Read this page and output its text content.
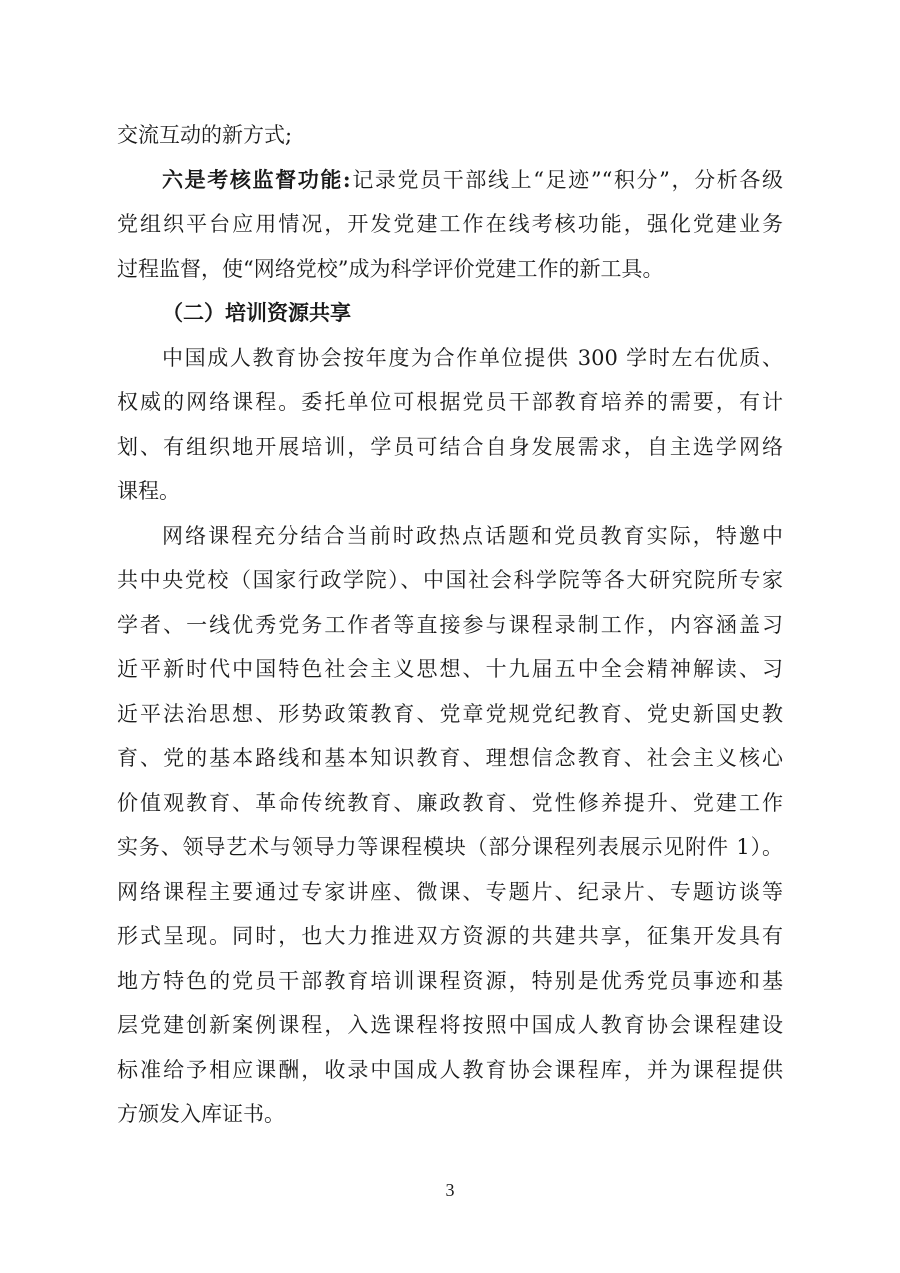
交流互动的新方式;
六是考核监督功能:记录党员干部线上“足迹”“积分”，分析各级
党组织平台应用情况，开发党建工作在线考核功能，强化党建业务
过程监督，使“网络党校”成为科学评价党建工作的新工具。
（二）培训资源共享
中国成人教育协会按年度为合作单位提供 300 学时左右优质、
权威的网络课程。委托单位可根据党员干部教育培养的需要，有计
划、有组织地开展培训，学员可结合自身发展需求，自主选学网络
课程。
网络课程充分结合当前时政热点话题和党员教育实际，特邀中
共中央党校（国家行政学院）、中国社会科学院等各大研究院所专家
学者、一线优秀党务工作者等直接参与课程录制工作，内容涵盖习
近平新时代中国特色社会主义思想、十九届五中全会精神解读、习
近平法治思想、形势政策教育、党章党规党纪教育、党史新国史教
育、党的基本路线和基本知识教育、理想信念教育、社会主义核心
价值观教育、革命传统教育、廉政教育、党性修养提升、党建工作
实务、领导艺术与领导力等课程模块（部分课程列表展示见附件 1）。
网络课程主要通过专家讲座、微课、专题片、纪录片、专题访谈等
形式呈现。同时，也大力推进双方资源的共建共享，征集开发具有
地方特色的党员干部教育培训课程资源，特别是优秀党员事迹和基
层党建创新案例课程，入选课程将按照中国成人教育协会课程建设
标准给予相应课酬，收录中国成人教育协会课程库，并为课程提供
方颁发入库证书。
3
